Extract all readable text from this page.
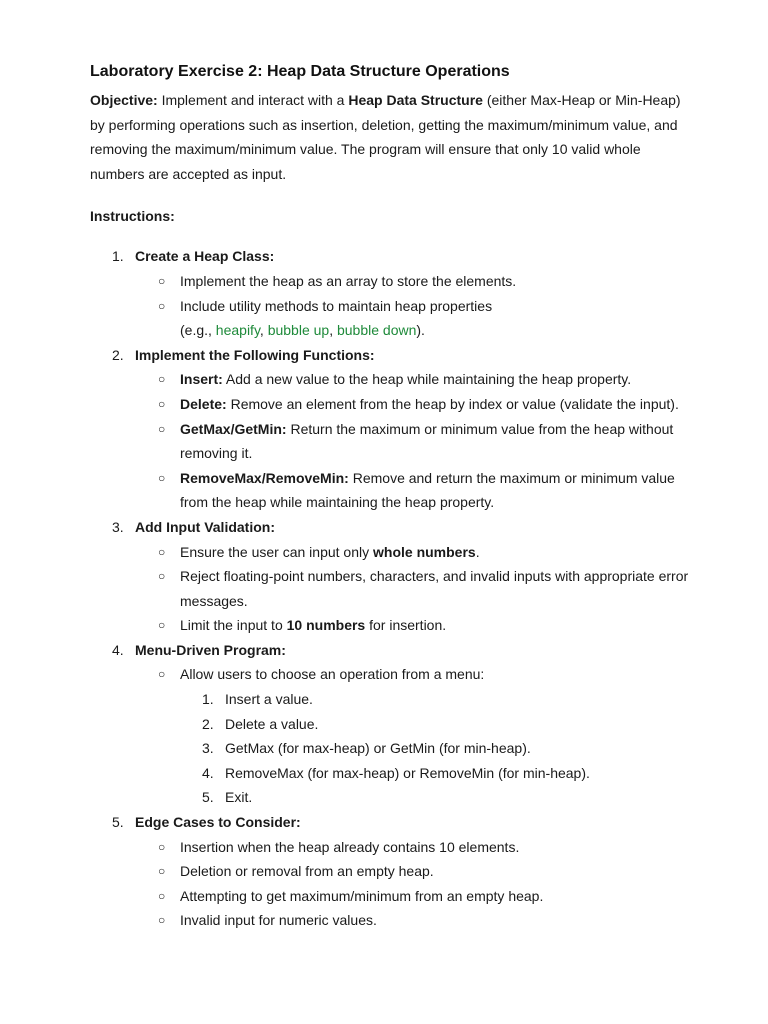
Laboratory Exercise 2: Heap Data Structure Operations

Objective: Implement and interact with a Heap Data Structure (either Max-Heap or Min-Heap) by performing operations such as insertion, deletion, getting the maximum/minimum value, and removing the maximum/minimum value. The program will ensure that only 10 valid whole numbers are accepted as input.

Instructions:
1. Create a Heap Class:
○ Implement the heap as an array to store the elements.
○ Include utility methods to maintain heap properties
(e.g., heapify, bubble up, bubble down).
2. Implement the Following Functions:
○ Insert: Add a new value to the heap while maintaining the heap property.
○ Delete: Remove an element from the heap by index or value (validate the input).
○ GetMax/GetMin: Return the maximum or minimum value from the heap without removing it.
○ RemoveMax/RemoveMin: Remove and return the maximum or minimum value from the heap while maintaining the heap property.
3. Add Input Validation:
○ Ensure the user can input only whole numbers.
○ Reject floating-point numbers, characters, and invalid inputs with appropriate error messages.
○ Limit the input to 10 numbers for insertion.
4. Menu-Driven Program:
○ Allow users to choose an operation from a menu:
1. Insert a value.
2. Delete a value.
3. GetMax (for max-heap) or GetMin (for min-heap).
4. RemoveMax (for max-heap) or RemoveMin (for min-heap).
5. Exit.
5. Edge Cases to Consider:
○ Insertion when the heap already contains 10 elements.
○ Deletion or removal from an empty heap.
○ Attempting to get maximum/minimum from an empty heap.
○ Invalid input for numeric values.
